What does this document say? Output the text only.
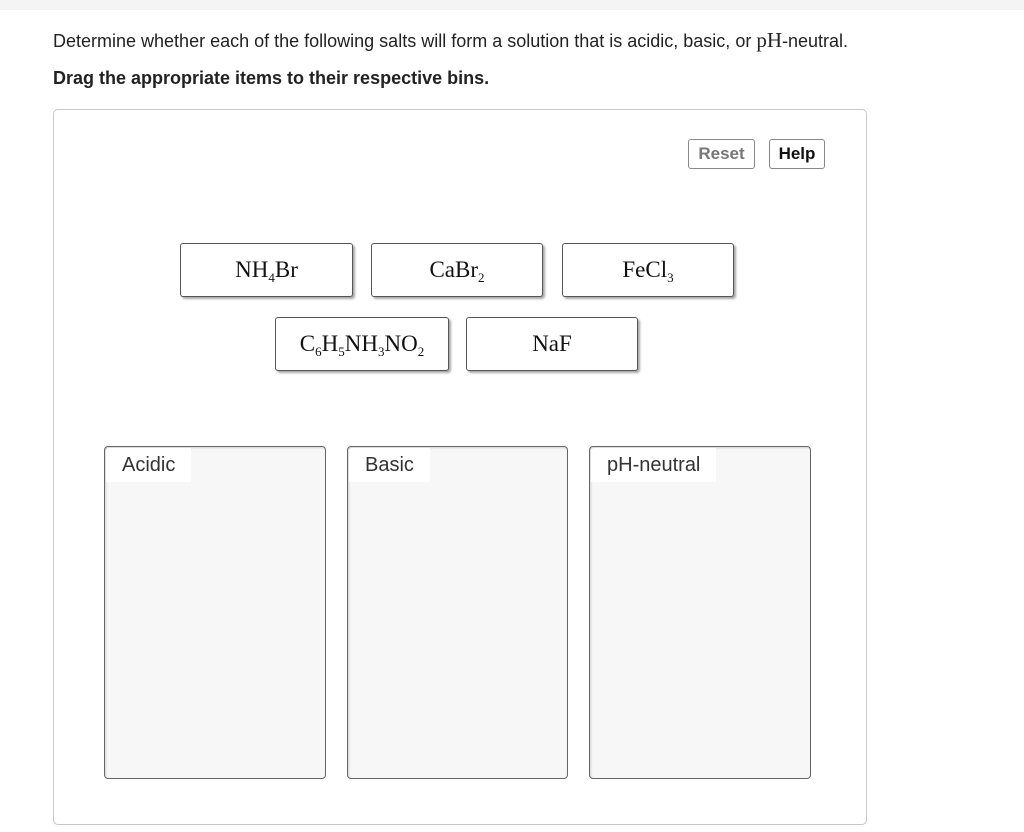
Determine whether each of the following salts will form a solution that is acidic, basic, or pH-neutral.
Drag the appropriate items to their respective bins.
Reset	Help
$NH_4Br$	CaBr$_2$	FeCl$_3$
$C_6H_5NH_3NO_2$	NaF
Acidic	Basic	pH-neutral
